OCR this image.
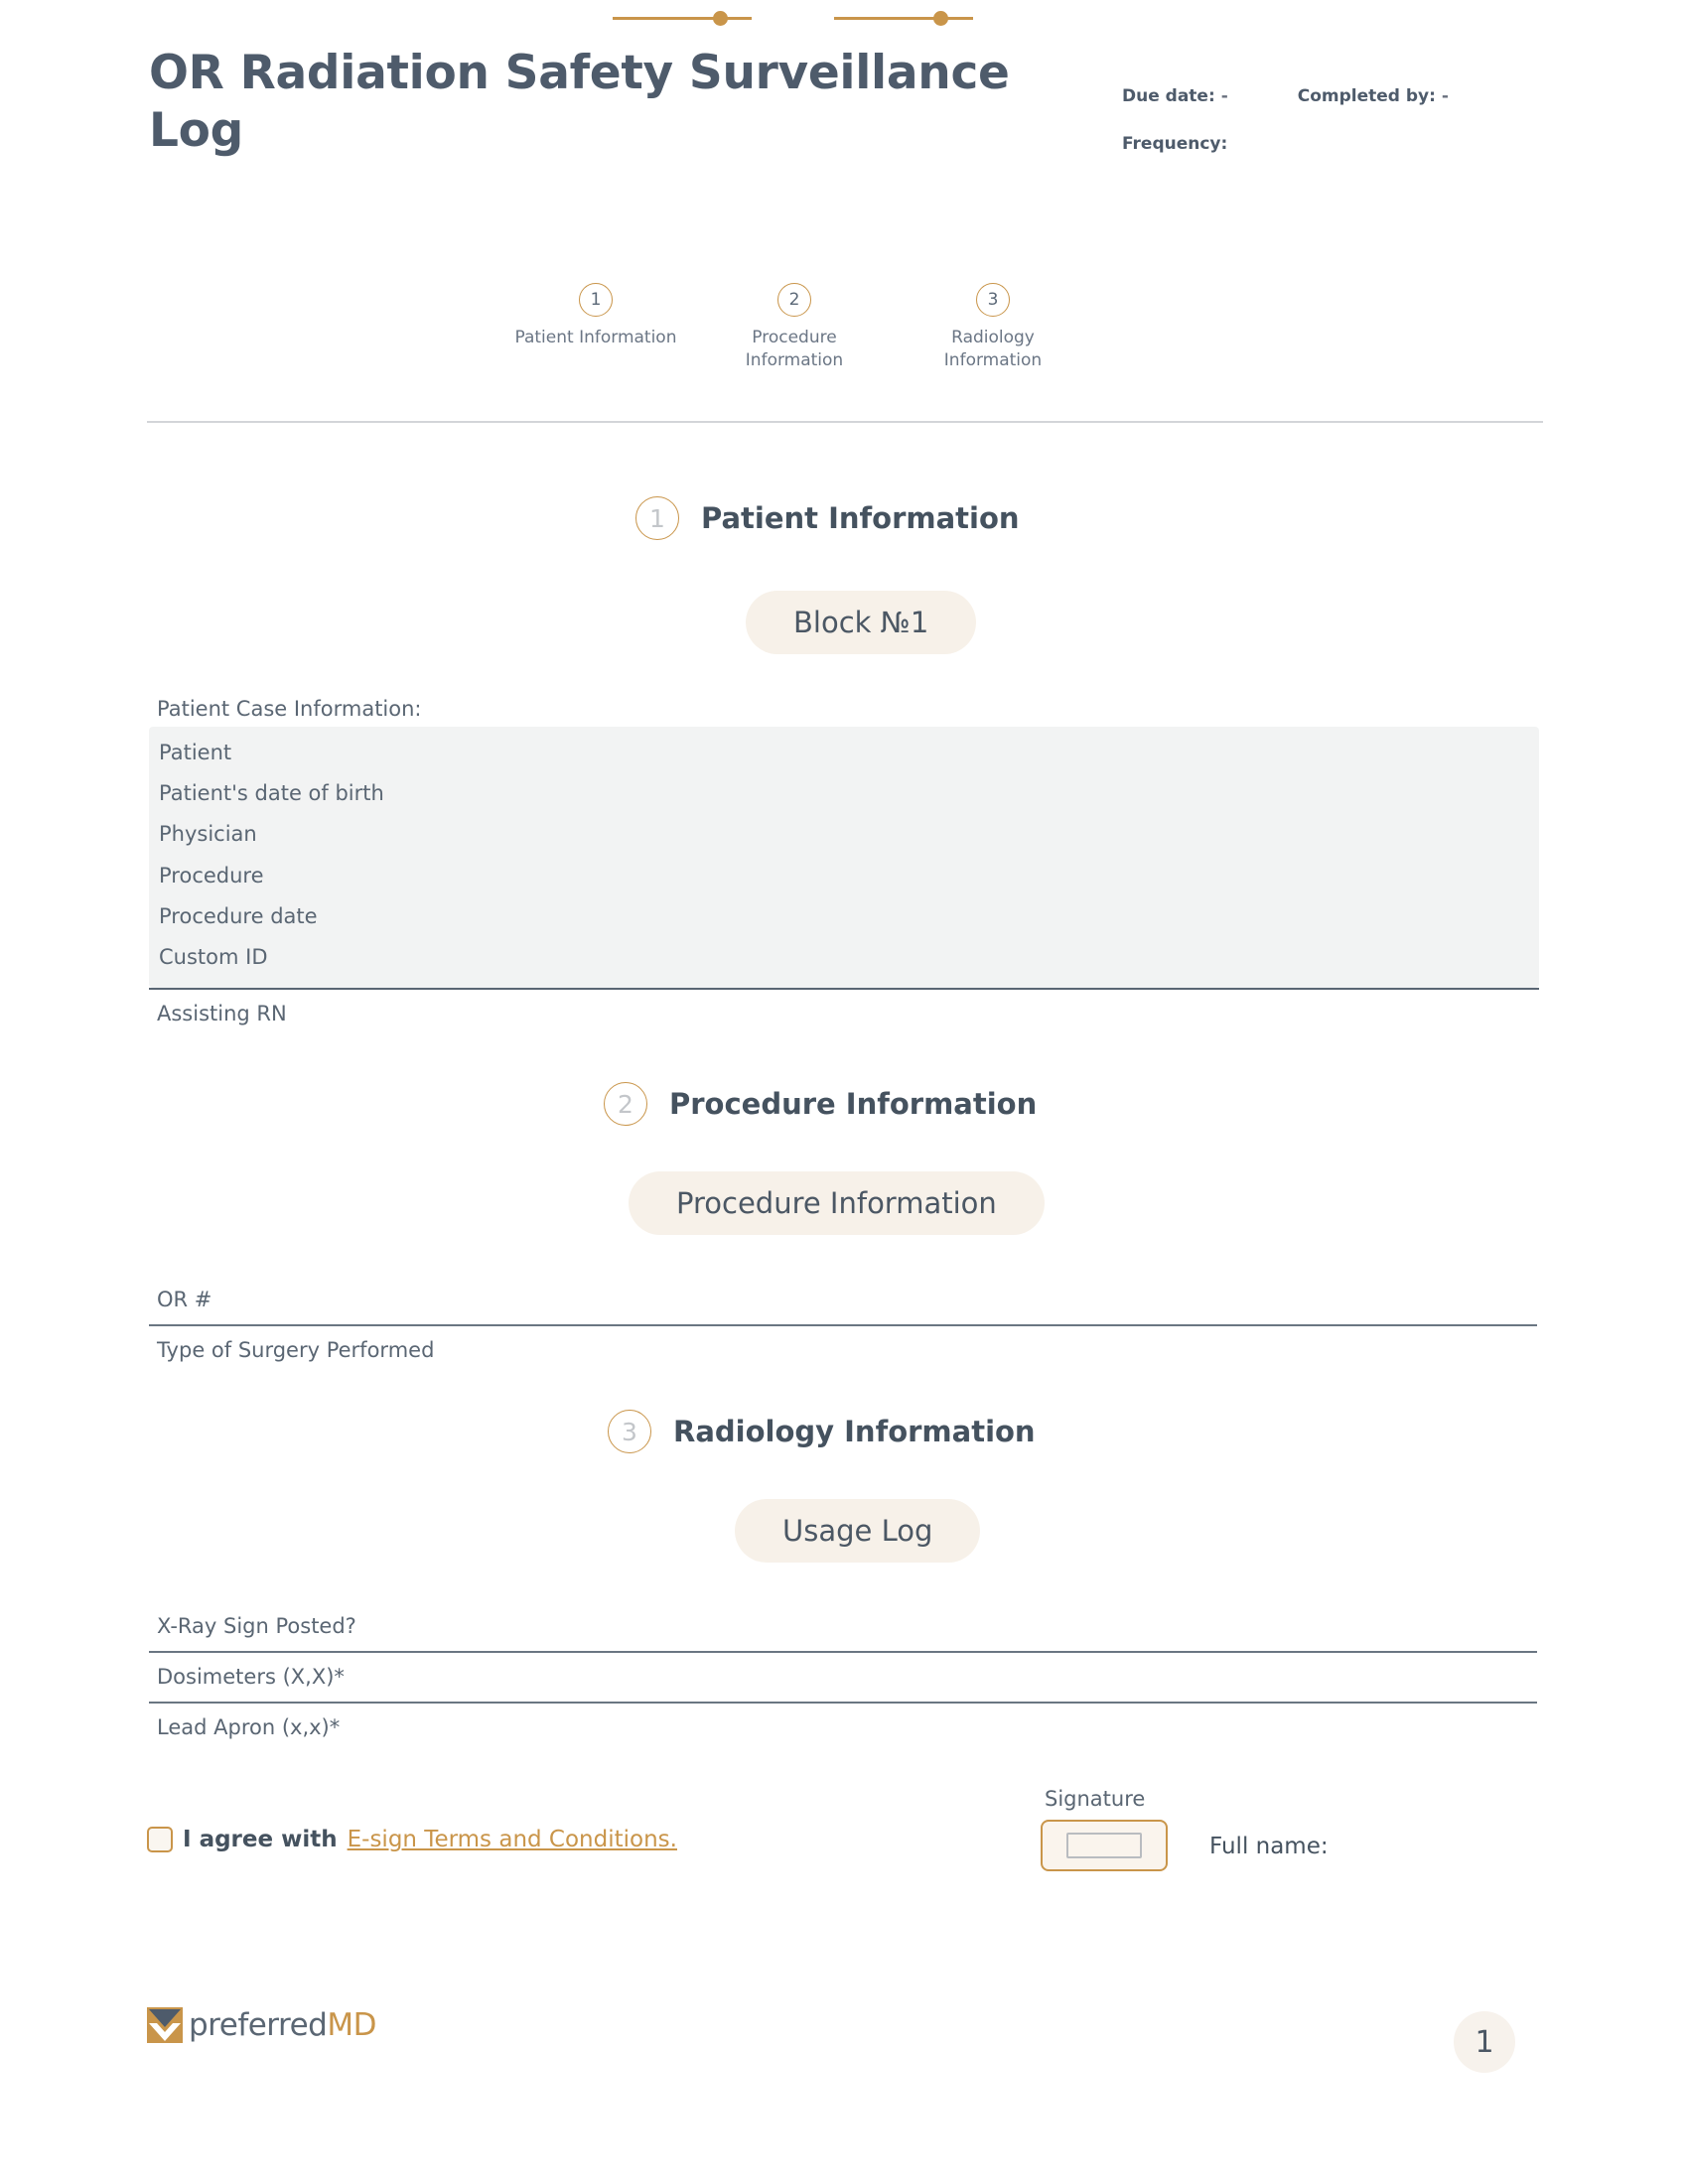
OR Radiation Safety Surveillance Log
Due date: -	Completed by: -
Frequency:
1
Patient Information
2
Procedure Information
3
Radiology Information
1	Patient Information
Block №1
Patient Case Information:
Patient
Patient's date of birth
Physician
Procedure
Procedure date
Custom ID
Assisting RN
2	Procedure Information
Procedure Information
OR #
Type of Surgery Performed
3	Radiology Information
Usage Log
X-Ray Sign Posted?
Dosimeters (X,X)*
Lead Apron (x,x)*
I agree with E-sign Terms and Conditions.
Signature
Full name:
preferredMD	1
